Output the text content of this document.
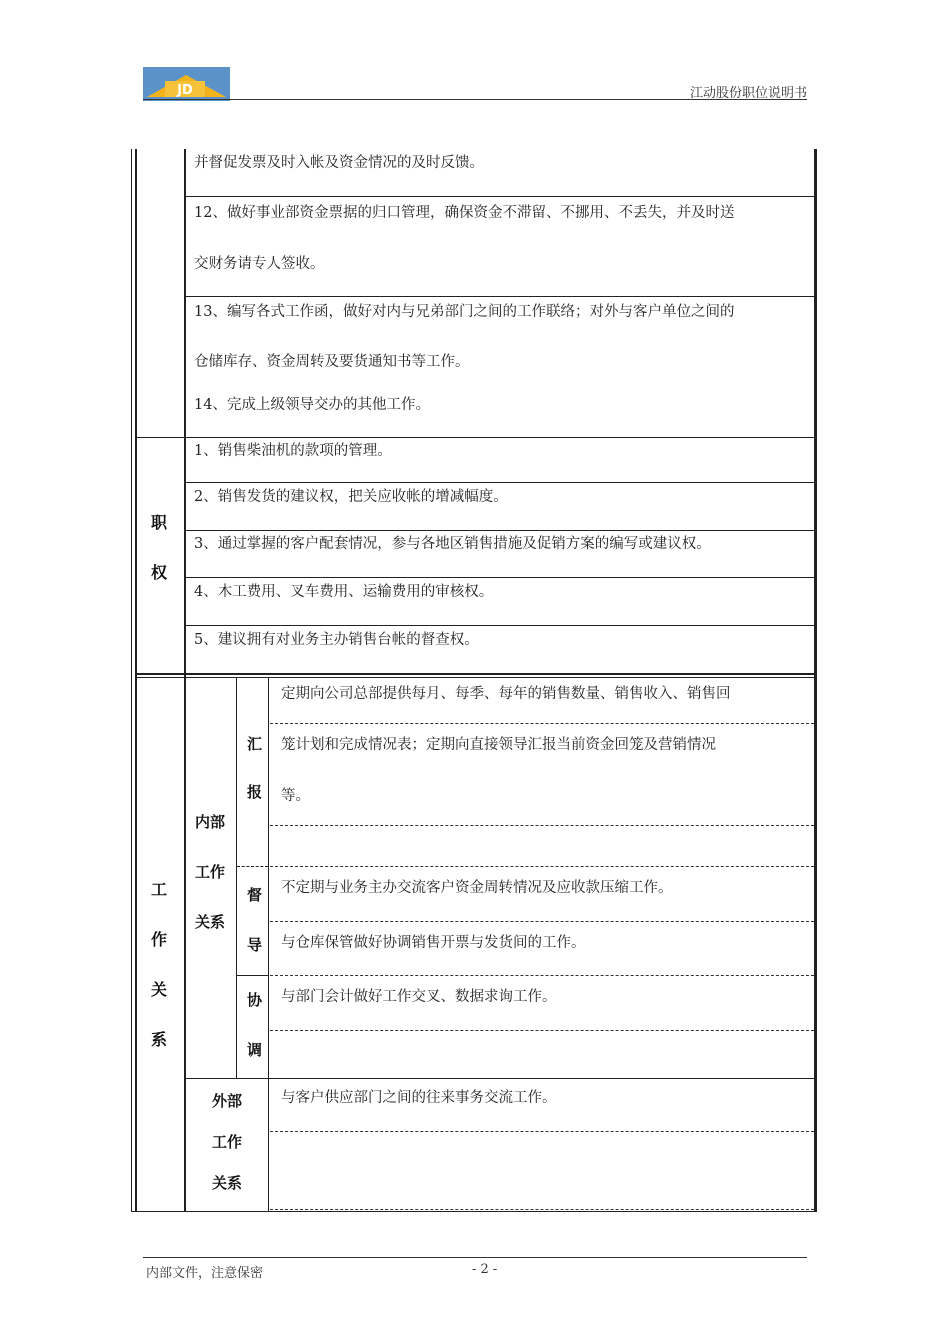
JD	江动股份职位说明书
并督促发票及时入帐及资金情况的及时反馈。
12、做好事业部资金票据的归口管理，确保资金不滞留、不挪用、不丢失，并及时送
交财务请专人签收。
13、编写各式工作函，做好对内与兄弟部门之间的工作联络；对外与客户单位之间的
仓储库存、资金周转及要货通知书等工作。
14、完成上级领导交办的其他工作。
职
权
1、销售柴油机的款项的管理。
2、销售发货的建议权，把关应收帐的增减幅度。
3、通过掌握的客户配套情况，参与各地区销售措施及促销方案的编写或建议权。
4、木工费用、叉车费用、运输费用的审核权。
5、建议拥有对业务主办销售台帐的督查权。
工
作
关
系
内部
工作
关系
汇
报
督
导
协
调
定期向公司总部提供每月、每季、每年的销售数量、销售收入、销售回
笼计划和完成情况表；定期向直接领导汇报当前资金回笼及营销情况
等。
不定期与业务主办交流客户资金周转情况及应收款压缩工作。
与仓库保管做好协调销售开票与发货间的工作。
与部门会计做好工作交叉、数据求询工作。
外部
工作
关系
与客户供应部门之间的往来事务交流工作。
内部文件，注意保密	- 2 -
